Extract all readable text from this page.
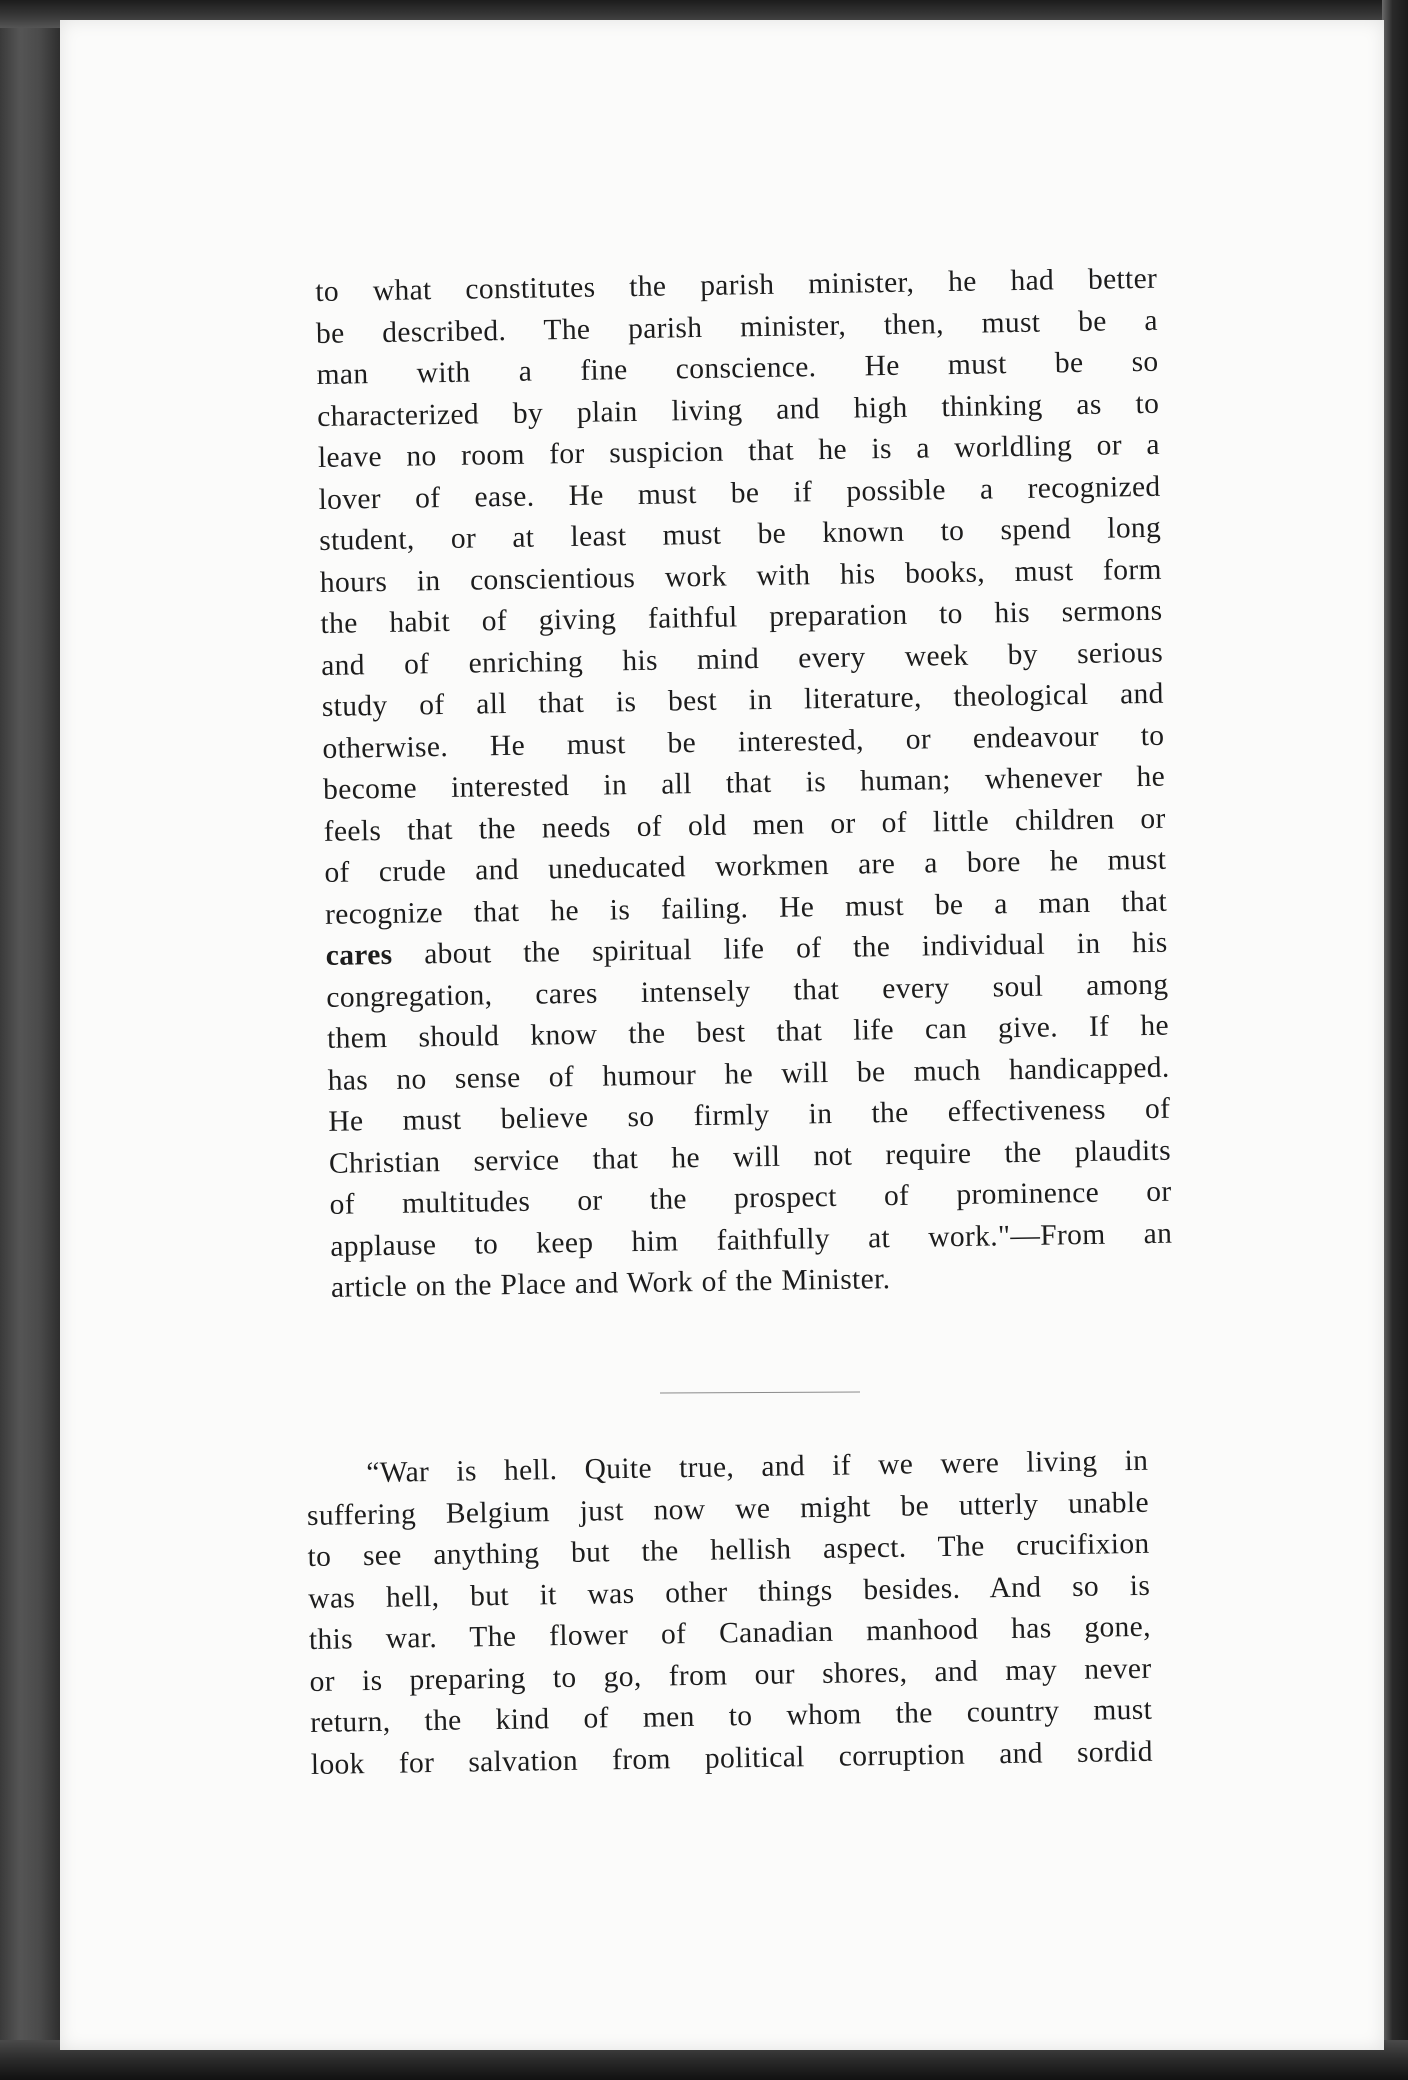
to what constitutes the parish minister, he had better
be described. The parish minister, then, must be a
man with a fine conscience. He must be so
characterized by plain living and high thinking as to
leave no room for suspicion that he is a worldling or a
lover of ease. He must be if possible a recognized
student, or at least must be known to spend long
hours in conscientious work with his books, must form
the habit of giving faithful preparation to his sermons
and of enriching his mind every week by serious
study of all that is best in literature, theological and
otherwise. He must be interested, or endeavour to
become interested in all that is human; whenever he
feels that the needs of old men or of little children or
of crude and uneducated workmen are a bore he must
recognize that he is failing. He must be a man that
cares about the spiritual life of the individual in his
congregation, cares intensely that every soul among
them should know the best that life can give. If he
has no sense of humour he will be much handicapped.
He must believe so firmly in the effectiveness of
Christian service that he will not require the plaudits
of multitudes or the prospect of prominence or
applause to keep him faithfully at work."—From an
article on the Place and Work of the Minister.
“War is hell. Quite true, and if we were living in
suffering Belgium just now we might be utterly unable
to see anything but the hellish aspect. The crucifixion
was hell, but it was other things besides. And so is
this war. The flower of Canadian manhood has gone,
or is preparing to go, from our shores, and may never
return, the kind of men to whom the country must
look for salvation from political corruption and sordid
